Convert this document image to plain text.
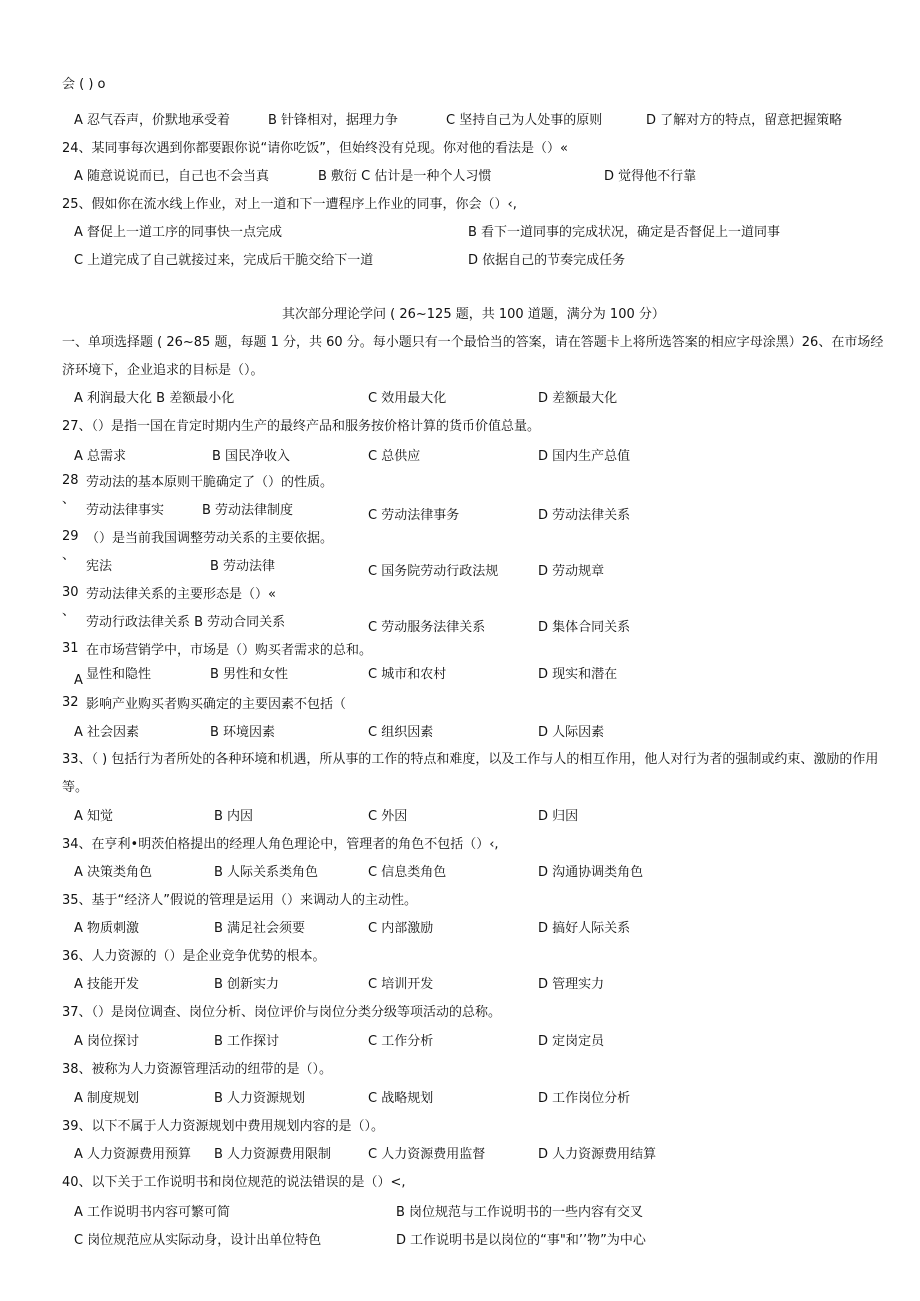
会 ( ) o
A 忍气吞声，价默地承受着	B 针锋相对，据理力争	C 坚持自己为人处事的原则	D 了解对方的特点，留意把握策略
24、某同事每次遇到你都要跟你说“请你吃饭”，但始终没有兑现。你对他的看法是（）«
A 随意说说而已，自己也不会当真	B 敷衍 C 估计是一种个人习惯	D 觉得他不行靠
25、假如你在流水线上作业，对上一道和下一遭程序上作业的同事，你会（）‹,
A 督促上一道工序的同事快一点完成	B 看下一道同事的完成状况，确定是否督促上一道同事
C 上道完成了自己就接过来，完成后干脆交给下一道	D 依据自己的节奏完成任务
其次部分理论学问 ( 26~125 题，共 100 道题，满分为 100 分）
一、单项选择题 ( 26~85 题，每题 1 分，共 60 分。每小题只有一个最恰当的答案，请在答题卡上将所选答案的相应字母涂黑）26、在市场经济环境下，企业追求的目标是（）。
A 利润最大化 B 差额最小化	C 效用最大化	D 差额最大化
27、（）是指一国在肯定时期内生产的最终产品和服务按价格计算的货币价值总量。
A 总需求	B 国民净收入	C 总供应	D 国内生产总值
28 劳动法的基本原则干脆确定了（）的性质。
、
劳动法律事实	B 劳动法律制度	C 劳动法律事务	D 劳动法律关系
29 （）是当前我国调整劳动关系的主要依据。
、
宪法	B 劳动法律	C 国务院劳动行政法规	D 劳动规章
30 劳动法律关系的主要形态是（）«
、
劳动行政法律关系 B 劳动合同关系	C 劳动服务法律关系	D 集体合同关系
31 在市场营销学中，市场是（）购买者需求的总和。
A 显性和隐性	B 男性和女性	C 城市和农村	D 现实和潜在
32 影响产业购买者购买确定的主要因素不包括（
A 社会因素	B 环境因素	C 组织因素	D 人际因素
33、（ ) 包括行为者所处的各种环境和机遇，所从事的工作的特点和难度，以及工作与人的相互作用，他人对行为者的强制或约束、激励的作用等。
A 知觉	B 内因	C 外因	D 归因
34、在亨利•明茨伯格提出的经理人角色理论中，管理者的角色不包括（）‹,
A 决策类角色	B 人际关系类角色	C 信息类角色	D 沟通协调类角色
35、基于“经济人”假说的管理是运用（）来调动人的主动性。
A 物质刺激	B 满足社会须要	C 内部激励	D 搞好人际关系
36、人力资源的（）是企业竞争优势的根本。
A 技能开发	B 创新实力	C 培训开发	D 管理实力
37、（）是岗位调查、岗位分析、岗位评价与岗位分类分级等项活动的总称。
A 岗位探讨	B 工作探讨	C 工作分析	D 定岗定员
38、被称为人力资源管理活动的纽带的是（）。
A 制度规划	B 人力资源规划	C 战略规划	D 工作岗位分析
39、以下不属于人力资源规划中费用规划内容的是（）。
A 人力资源费用预算 B 人力资源费用限制	C 人力资源费用监督	D 人力资源费用结算
40、以下关于工作说明书和岗位规范的说法错误的是（）<,
A 工作说明书内容可繁可简	B 岗位规范与工作说明书的一些内容有交叉
C 岗位规范应从实际动身，设计出单位特色	D 工作说明书是以岗位的“事"和’’物”为中心
